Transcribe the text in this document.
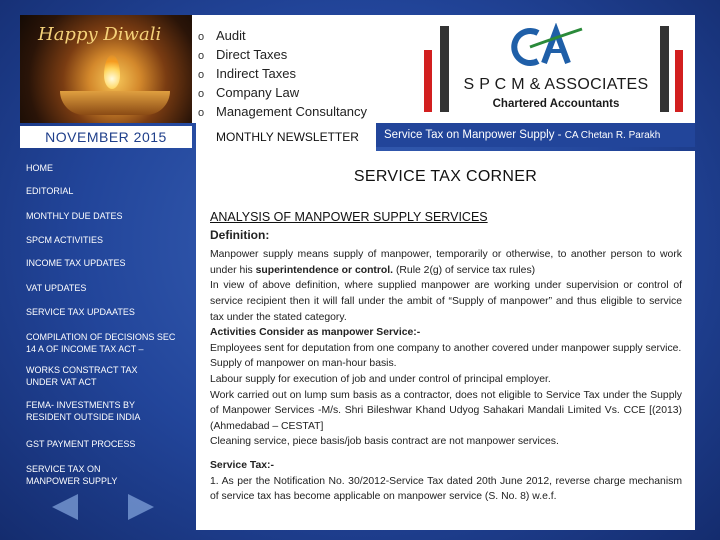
Happy Diwali	o Audit
o Direct Taxes
o Indirect Taxes
o Company Law
o Management Consultancy
S P C M & ASSOCIATES
Chartered Accountants
NOVEMBER 2015	MONTHLY NEWSLETTER	Service Tax on Manpower Supply - CA Chetan R. Parakh
HOME
EDITORIAL
MONTHLY DUE DATES
SPCM ACTIVITIES
INCOME TAX UPDATES
VAT UPDATES
SERVICE TAX UPDAATES
COMPILATION OF DECISIONS SEC 14 A OF INCOME TAX ACT –
WORKS CONSTRACT TAX UNDER VAT ACT
FEMA- INVESTMENTS BY RESIDENT OUTSIDE INDIA
GST PAYMENT PROCESS
SERVICE TAX ON MANPOWER SUPPLY
SERVICE TAX CORNER

ANALYSIS OF MANPOWER SUPPLY SERVICES

Definition:

Manpower supply means supply of manpower, temporarily or otherwise, to another person to work under his superintendence or control. (Rule 2(g) of service tax rules)

In view of above definition, where supplied manpower are working under supervision or control of service recipient then it will fall under the ambit of “Supply of manpower” and thus eligible to service tax under the stated category.

Activities Consider as manpower Service:-

Employees sent for deputation from one company to another covered under manpower supply service.

Supply of manpower on man-hour basis.

Labour supply for execution of job and under control of principal employer.

Work carried out on lump sum basis as a contractor, does not eligible to Service Tax under the Supply of Manpower Services -M/s. Shri Bileshwar Khand Udyog Sahakari Mandali Limited Vs. CCE [(2013) (Ahmedabad – CESTAT]

Cleaning service, piece basis/job basis contract are not manpower services.

Service Tax:-

1. As per the Notification No. 30/2012-Service Tax dated 20th June 2012, reverse charge mechanism of service tax has become applicable on manpower service (S. No. 8) w.e.f.
